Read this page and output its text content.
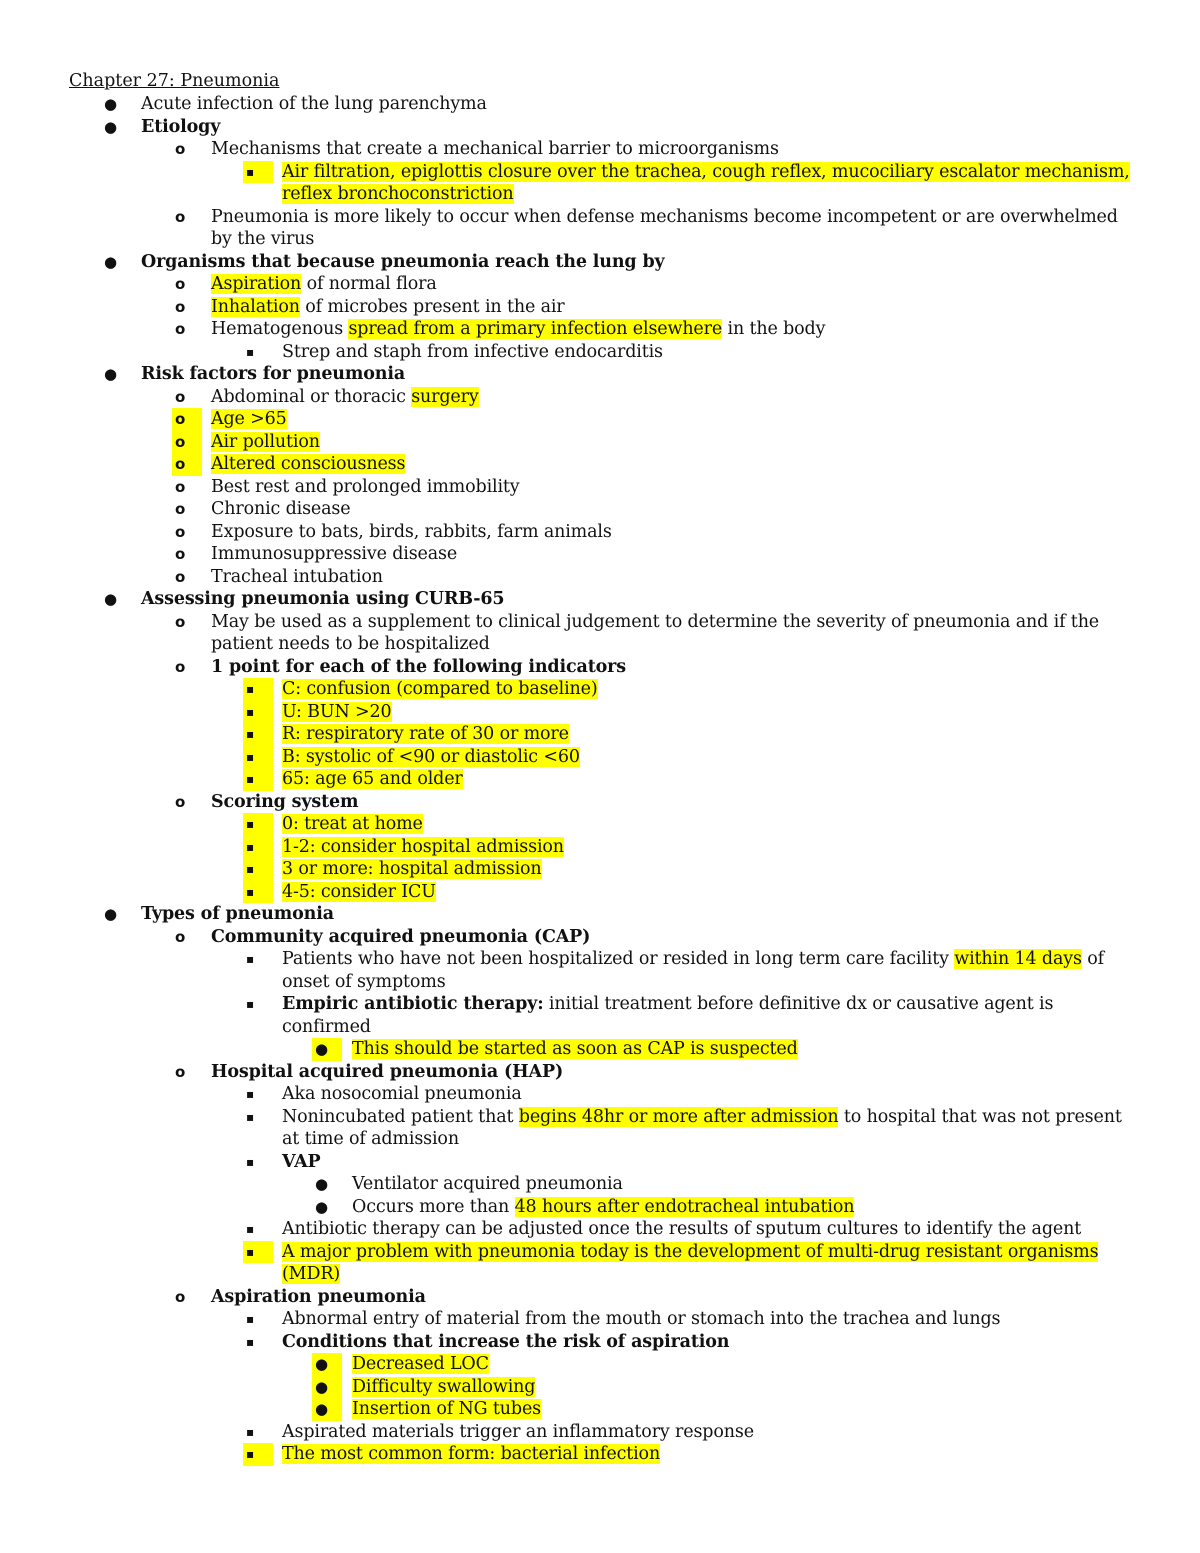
Chapter 27: Pneumonia
● Acute infection of the lung parenchyma
● Etiology
o Mechanisms that create a mechanical barrier to microorganisms
▪ Air filtration, epiglottis closure over the trachea, cough reflex, mucociliary escalator mechanism,
reflex bronchoconstriction
o Pneumonia is more likely to occur when defense mechanisms become incompetent or are overwhelmed
by the virus
● Organisms that because pneumonia reach the lung by
o Aspiration of normal flora
o Inhalation of microbes present in the air
o Hematogenous spread from a primary infection elsewhere in the body
▪ Strep and staph from infective endocarditis
● Risk factors for pneumonia
o Abdominal or thoracic surgery
o Age >65
o Air pollution
o Altered consciousness
o Best rest and prolonged immobility
o Chronic disease
o Exposure to bats, birds, rabbits, farm animals
o Immunosuppressive disease
o Tracheal intubation
● Assessing pneumonia using CURB-65
o May be used as a supplement to clinical judgement to determine the severity of pneumonia and if the
patient needs to be hospitalized
o 1 point for each of the following indicators
▪ C: confusion (compared to baseline)
▪ U: BUN >20
▪ R: respiratory rate of 30 or more
▪ B: systolic of <90 or diastolic <60
▪ 65: age 65 and older
o Scoring system
▪ 0: treat at home
▪ 1-2: consider hospital admission
▪ 3 or more: hospital admission
▪ 4-5: consider ICU
● Types of pneumonia
o Community acquired pneumonia (CAP)
▪ Patients who have not been hospitalized or resided in long term care facility within 14 days of
onset of symptoms
▪ Empiric antibiotic therapy: initial treatment before definitive dx or causative agent is
confirmed
● This should be started as soon as CAP is suspected
o Hospital acquired pneumonia (HAP)
▪ Aka nosocomial pneumonia
▪ Nonincubated patient that begins 48hr or more after admission to hospital that was not present
at time of admission
▪ VAP
● Ventilator acquired pneumonia
● Occurs more than 48 hours after endotracheal intubation
▪ Antibiotic therapy can be adjusted once the results of sputum cultures to identify the agent
▪ A major problem with pneumonia today is the development of multi-drug resistant organisms
(MDR)
o Aspiration pneumonia
▪ Abnormal entry of material from the mouth or stomach into the trachea and lungs
▪ Conditions that increase the risk of aspiration
● Decreased LOC
● Difficulty swallowing
● Insertion of NG tubes
▪ Aspirated materials trigger an inflammatory response
▪ The most common form: bacterial infection
